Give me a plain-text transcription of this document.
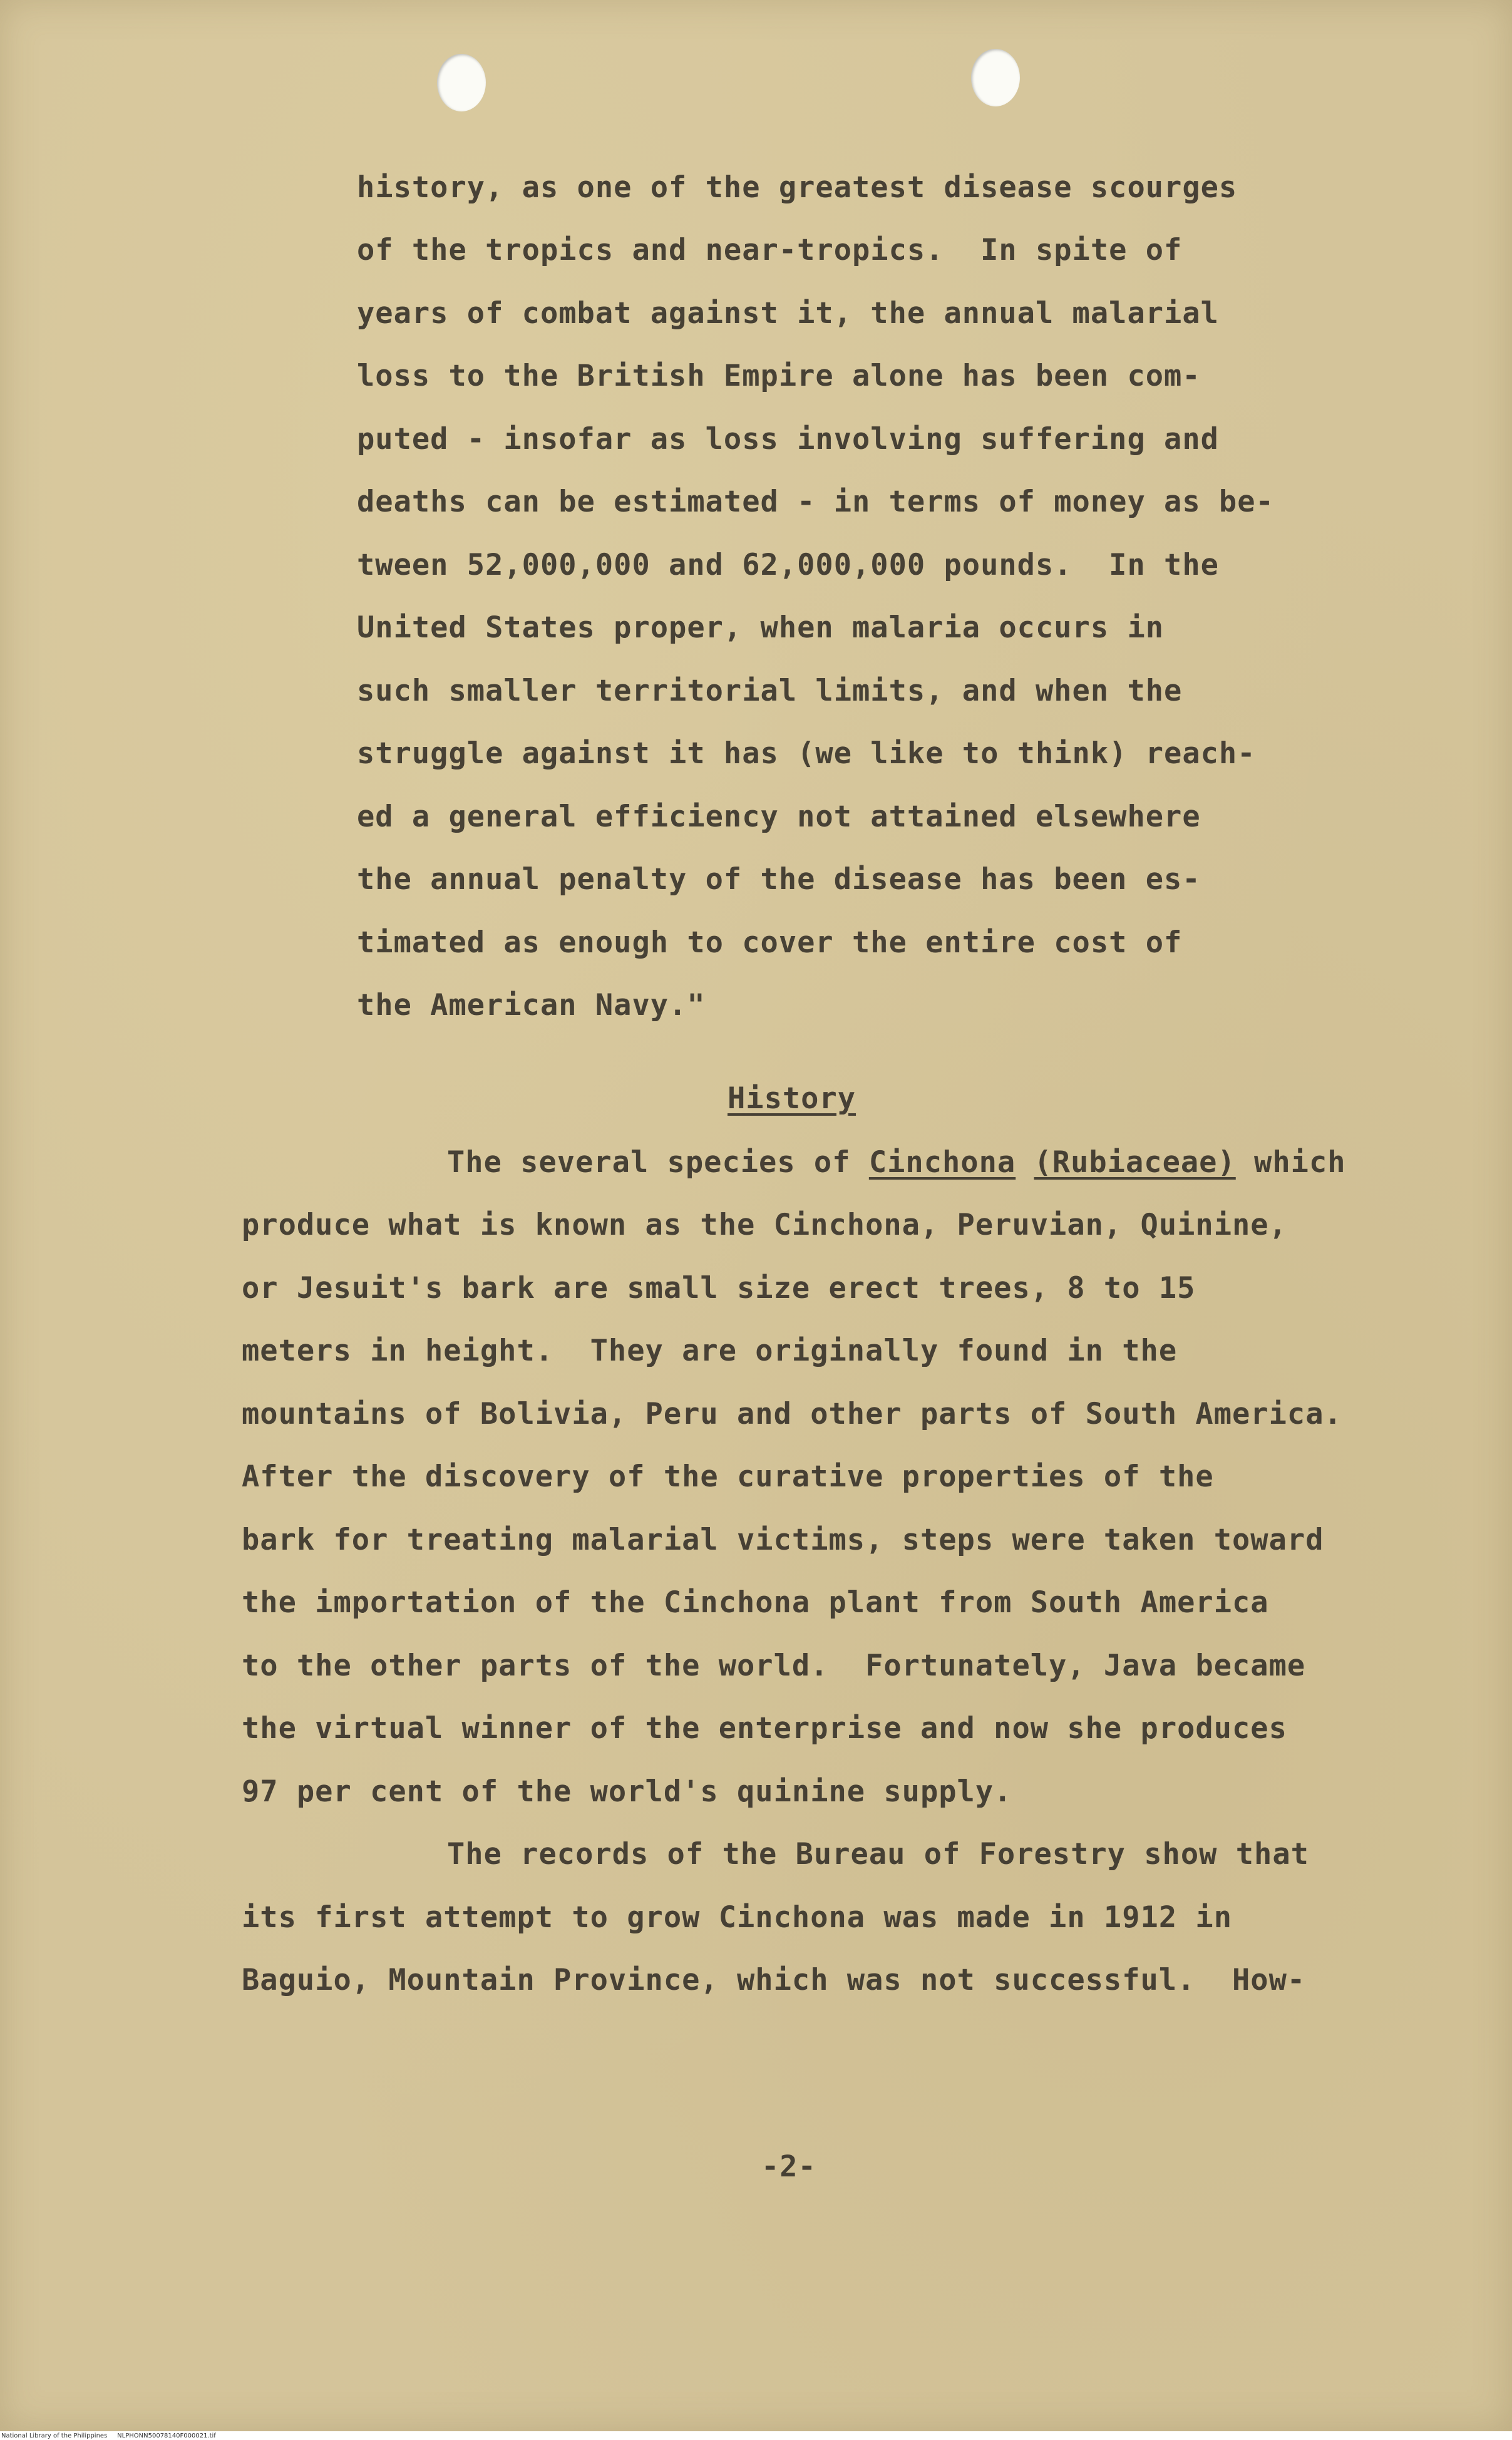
history, as one of the greatest disease scourges

of the tropics and near-tropics.  In spite of

years of combat against it, the annual malarial

loss to the British Empire alone has been com-

puted - insofar as loss involving suffering and

deaths can be estimated - in terms of money as be-

tween 52,000,000 and 62,000,000 pounds.  In the

United States proper, when malaria occurs in

such smaller territorial limits, and when the

struggle against it has (we like to think) reach-

ed a general efficiency not attained elsewhere

the annual penalty of the disease has been es-

timated as enough to cover the entire cost of

the American Navy."

History

The several species of Cinchona (Rubiaceae) which

produce what is known as the Cinchona, Peruvian, Quinine,

or Jesuit's bark are small size erect trees, 8 to 15

meters in height.  They are originally found in the

mountains of Bolivia, Peru and other parts of South America.

After the discovery of the curative properties of the

bark for treating malarial victims, steps were taken toward

the importation of the Cinchona plant from South America

to the other parts of the world.  Fortunately, Java became

the virtual winner of the enterprise and now she produces

97 per cent of the world's quinine supply.

The records of the Bureau of Forestry show that

its first attempt to grow Cinchona was made in 1912 in

Baguio, Mountain Province, which was not successful.  How-

-2-

National Library of the Philippines     NLPHONN50078140F000021.tif
